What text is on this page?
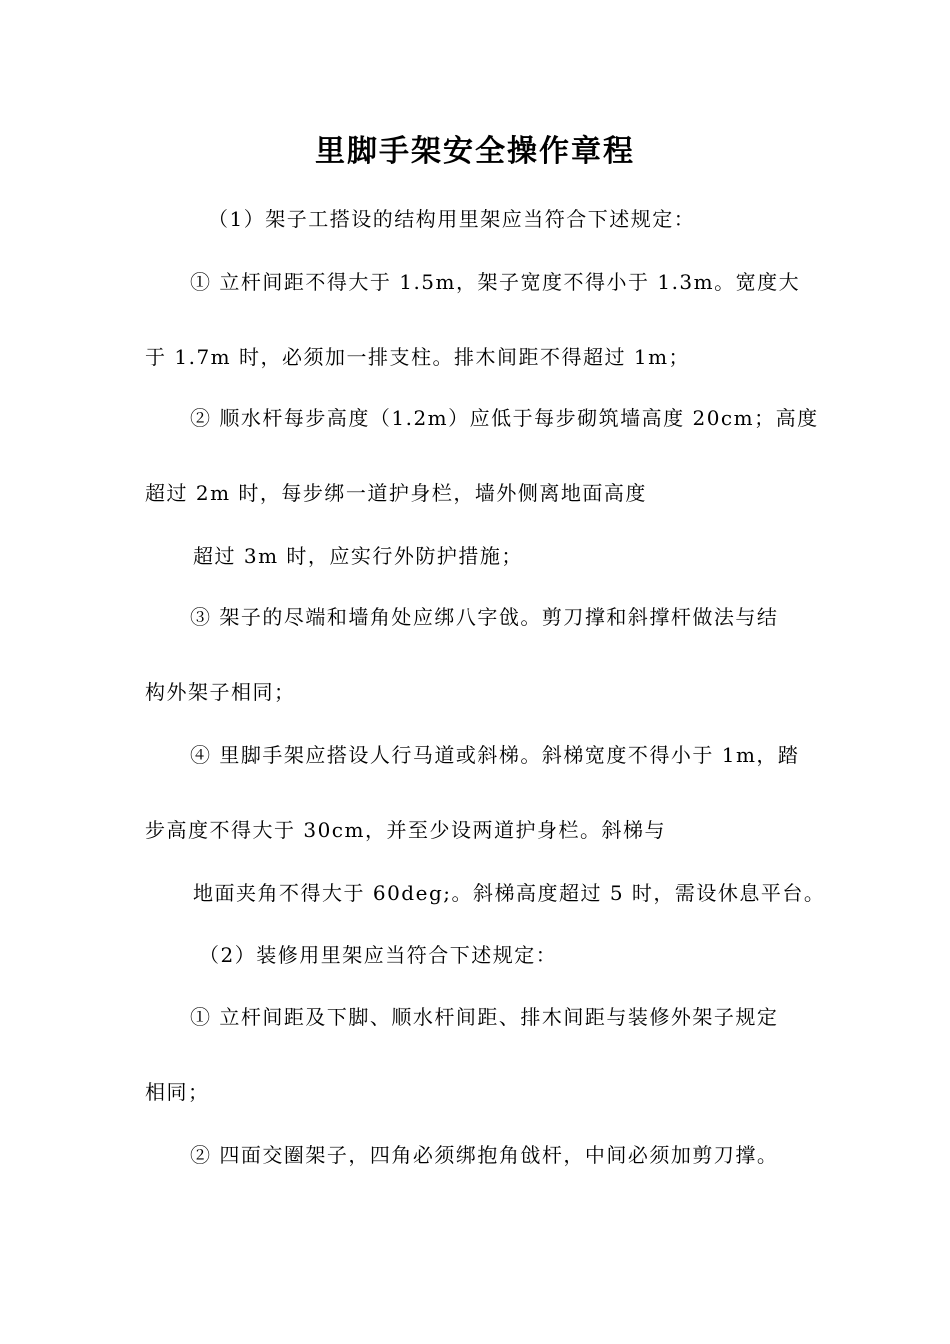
里脚手架安全操作章程
（1）架子工搭设的结构用里架应当符合下述规定：
① 立杆间距不得大于 1.5m，架子宽度不得小于 1.3m。宽度大
于 1.7m 时，必须加一排支柱。排木间距不得超过 1m；
② 顺水杆每步高度（1.2m）应低于每步砌筑墙高度 20cm；高度
超过 2m 时，每步绑一道护身栏，墙外侧离地面高度
超过 3m 时，应实行外防护措施；
③ 架子的尽端和墙角处应绑八字戗。剪刀撑和斜撑杆做法与结
构外架子相同；
④ 里脚手架应搭设人行马道或斜梯。斜梯宽度不得小于 1m，踏
步高度不得大于 30cm，并至少设两道护身栏。斜梯与
地面夹角不得大于 60deg;。斜梯高度超过 5 时，需设休息平台。
（2）装修用里架应当符合下述规定：
① 立杆间距及下脚、顺水杆间距、排木间距与装修外架子规定
相同；
② 四面交圈架子，四角必须绑抱角戗杆，中间必须加剪刀撑。
